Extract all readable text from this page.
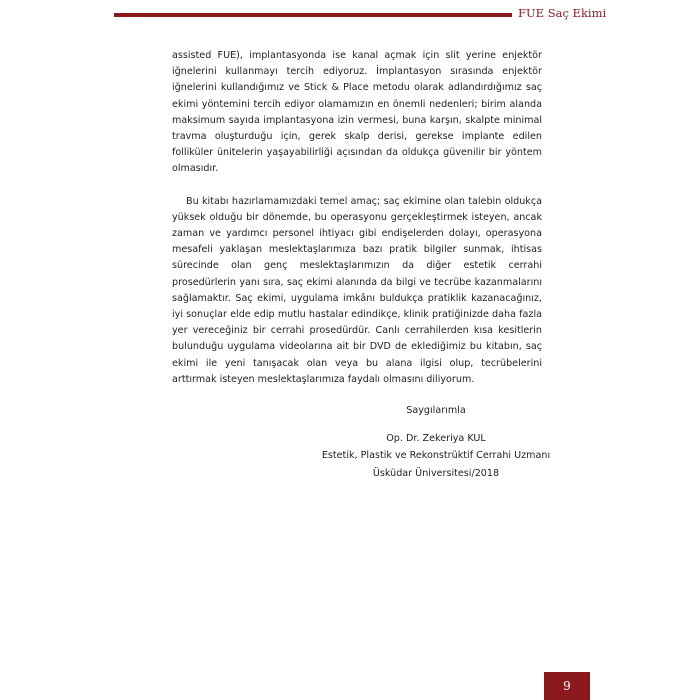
FUE Saç Ekimi

assisted FUE), implantasyonda ise kanal açmak için slit yerine enjektör iğnelerini kullanmayı tercih ediyoruz. İmplantasyon sırasında enjektör iğnelerini kullandığımız ve Stick & Place metodu olarak adlandırdığımız saç ekimi yöntemini tercih ediyor olamamızın en önemli nedenleri; birim alanda maksimum sayıda implantasyona izin vermesi, buna karşın, skalpte minimal travma oluşturduğu için, gerek skalp derisi, gerekse implante edilen folliküler ünitelerin yaşayabilirliği açısından da oldukça güvenilir bir yöntem olmasıdır.

Bu kitabı hazırlamamızdaki temel amaç; saç ekimine olan talebin oldukça yüksek olduğu bir dönemde, bu operasyonu gerçekleştirmek isteyen, ancak zaman ve yardımcı personel ihtiyacı gibi endişelerden dolayı, operasyona mesafeli yaklaşan meslektaşlarımıza bazı pratik bilgiler sunmak, ihtisas sürecinde olan genç meslektaşlarımızın da diğer estetik cerrahi prosedürlerin yanı sıra, saç ekimi alanında da bilgi ve tecrübe kazanmalarını sağlamaktır. Saç ekimi, uygulama imkânı buldukça pratiklik kazanacağınız, iyi sonuçlar elde edip mutlu hastalar edindikçe, klinik pratiğinizde daha fazla yer vereceğiniz bir cerrahi prosedürdür. Canlı cerrahilerden kısa kesitlerin bulunduğu uygulama videolarına ait bir DVD de eklediğimiz bu kitabın, saç ekimi ile yeni tanışacak olan veya bu alana ilgisi olup, tecrübelerini arttırmak isteyen meslektaşlarımıza faydalı olmasını diliyorum.

Saygılarımla
Op. Dr. Zekeriya KUL
Estetik, Plastik ve Rekonstrüktif Cerrahi Uzmanı
Üsküdar Üniversitesi/2018
9
